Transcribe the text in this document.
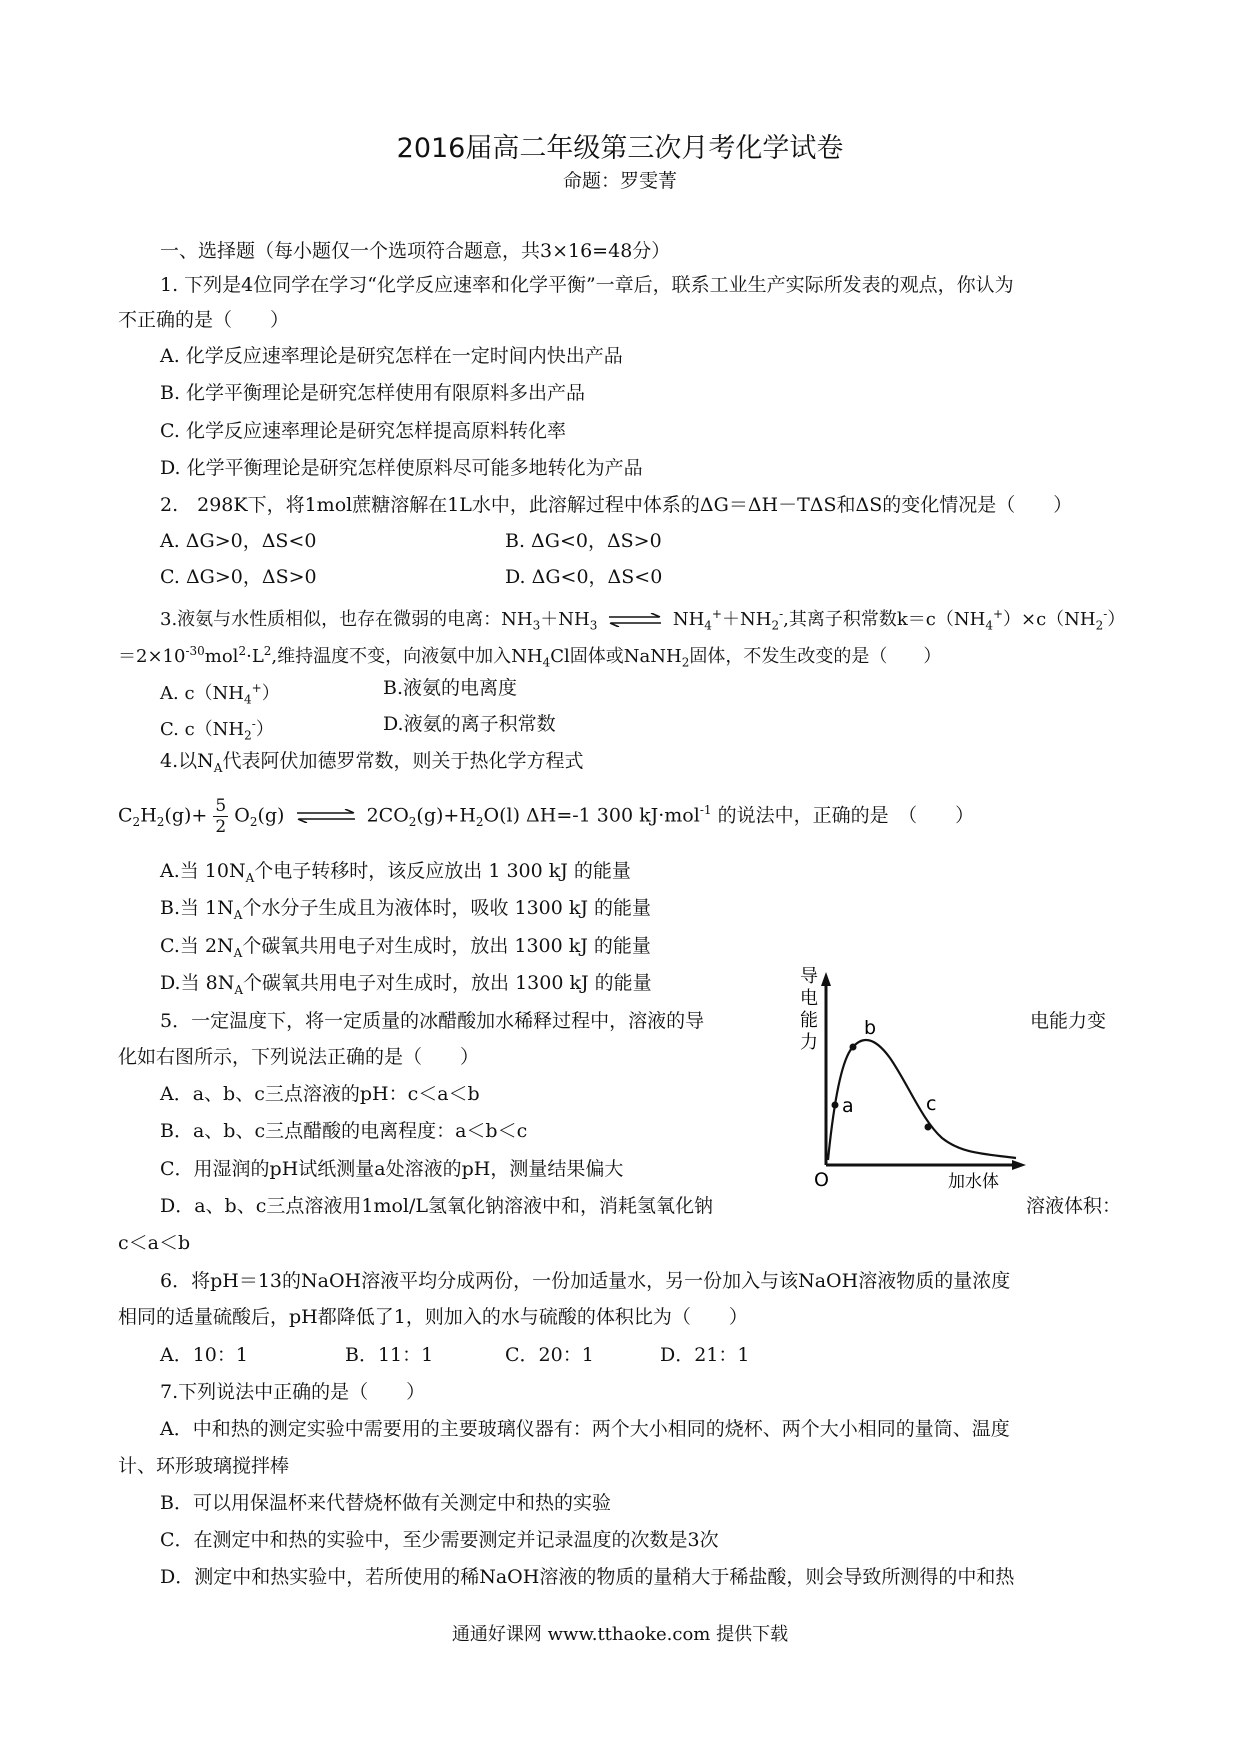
2016届高二年级第三次月考化学试卷
命题：罗雯菁
一、选择题（每小题仅一个选项符合题意，共3×16=48分）
1. 下列是4位同学在学习“化学反应速率和化学平衡”一章后，联系工业生产实际所发表的观点，你认为
不正确的是（　　）
A. 化学反应速率理论是研究怎样在一定时间内快出产品
B. 化学平衡理论是研究怎样使用有限原料多出产品
C. 化学反应速率理论是研究怎样提高原料转化率
D. 化学平衡理论是研究怎样使原料尽可能多地转化为产品
2.　298K下，将1mol蔗糖溶解在1L水中，此溶解过程中体系的ΔG＝ΔH－TΔS和ΔS的变化情况是（　　）
A. ΔG>0，ΔS<0	B. ΔG<0，ΔS>0
C. ΔG>0，ΔS>0	D. ΔG<0，ΔS<0
3.液氨与水性质相似，也存在微弱的电离：$NH_3+NH_3$ ⇌ $NH_4^++NH_2^-$,其离子积常数$k=c(NH_4^+)\times c(NH_2^-)$
$=2\times 10^{-30}mol^2\cdot L^2$,维持温度不变，向液氨中加入$NH_4Cl$固体或NaNH$_2$固体，不发生改变的是（　　）
A. $c(NH_4^+)$	B.液氨的电离度
C. $c(NH_2^-)$	D.液氨的离子积常数
4.以$N_A$代表阿伏加德罗常数，则关于热化学方程式
$C_2H_2(g)+ \frac{5}{2} O_2(g)$ ⇌ $2CO_2(g)+H_2O(l)$ ΔH=-1 300 kJ·mol$^{-1}$ 的说法中，正确的是　（　　）
A.当 $10N_A$个电子转移时，该反应放出 1 300 kJ 的能量
B.当 $1N_A$个水分子生成且为液体时，吸收 1300 kJ 的能量
C.当 $2N_A$个碳氧共用电子对生成时，放出 1300 kJ 的能量
D.当 $8N_A$个碳氧共用电子对生成时，放出 1300 kJ 的能量
5．一定温度下，将一定质量的冰醋酸加水稀释过程中，溶液的导	电能力变
化如右图所示，下列说法正确的是（　　）
A．a、b、c三点溶液的pH：c＜a＜b
B．a、b、c三点醋酸的电离程度：a＜b＜c
C．用湿润的pH试纸测量a处溶液的pH，测量结果偏大
D．a、b、c三点溶液用1mol/L氢氧化钠溶液中和，消耗氢氧化钠	溶液体积：
c＜a＜b
导
电
能
力
a
b
c
O	加水体
6．将pH＝13的NaOH溶液平均分成两份，一份加适量水，另一份加入与该NaOH溶液物质的量浓度
相同的适量硫酸后，pH都降低了1，则加入的水与硫酸的体积比为（　　）
A．10：1	B．11：1	C．20：1	D．21：1
7.下列说法中正确的是（　　）
A．中和热的测定实验中需要用的主要玻璃仪器有：两个大小相同的烧杯、两个大小相同的量筒、温度
计、环形玻璃搅拌棒
B．可以用保温杯来代替烧杯做有关测定中和热的实验
C．在测定中和热的实验中，至少需要测定并记录温度的次数是3次
D．测定中和热实验中，若所使用的稀NaOH溶液的物质的量稍大于稀盐酸，则会导致所测得的中和热
通通好课网 www.tthaoke.com 提供下载
